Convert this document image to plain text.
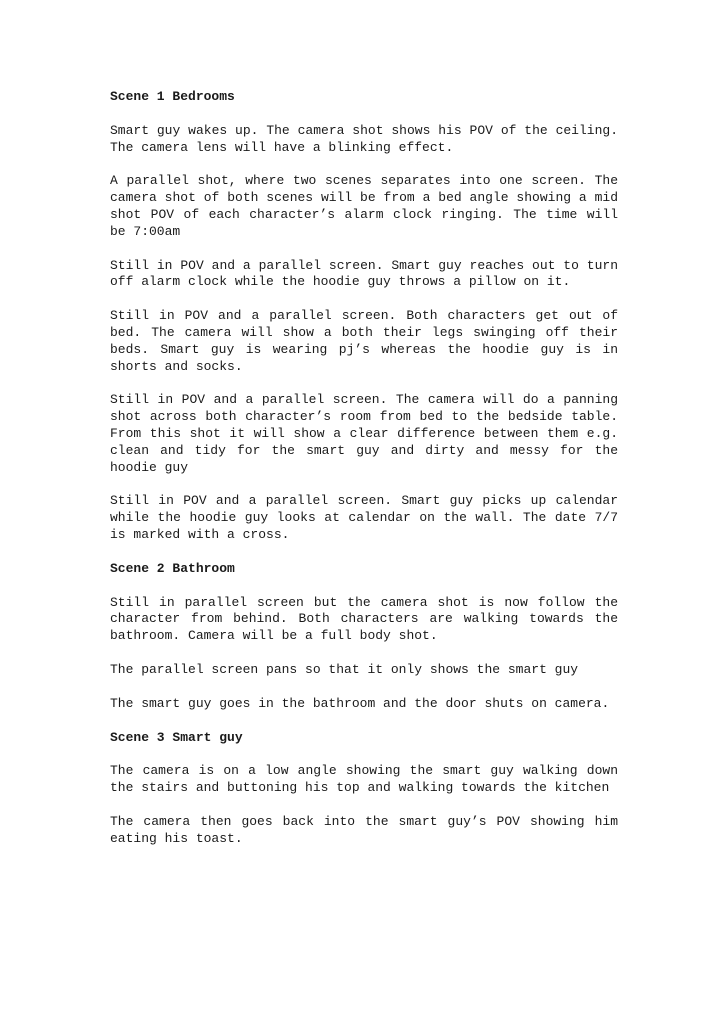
Scene 1 Bedrooms
Smart guy wakes up. The camera shot shows his POV of the ceiling. The camera lens will have a blinking effect.
A parallel shot, where two scenes separates into one screen. The camera shot of both scenes will be from a bed angle showing a mid shot POV of each character’s alarm clock ringing. The time will be 7:00am
Still in POV and a parallel screen. Smart guy reaches out to turn off alarm clock while the hoodie guy throws a pillow on it.
Still in POV and a parallel screen. Both characters get out of bed. The camera will show a both their legs swinging off their beds. Smart guy is wearing pj’s whereas the hoodie guy is in shorts and socks.
Still in POV and a parallel screen. The camera will do a panning shot across both character’s room from bed to the bedside table. From this shot it will show a clear difference between them e.g. clean and tidy for the smart guy and dirty and messy for the hoodie guy
Still in POV and a parallel screen. Smart guy picks up calendar while the hoodie guy looks at calendar on the wall. The date 7/7 is marked with a cross.
Scene 2 Bathroom
Still in parallel screen but the camera shot is now follow the character from behind. Both characters are walking towards the bathroom. Camera will be a full body shot.
The parallel screen pans so that it only shows the smart guy
The smart guy goes in the bathroom and the door shuts on camera.
Scene 3 Smart guy
The camera is on a low angle showing the smart guy walking down the stairs and buttoning his top and walking towards the kitchen
The camera then goes back into the smart guy’s POV showing him eating his toast.
